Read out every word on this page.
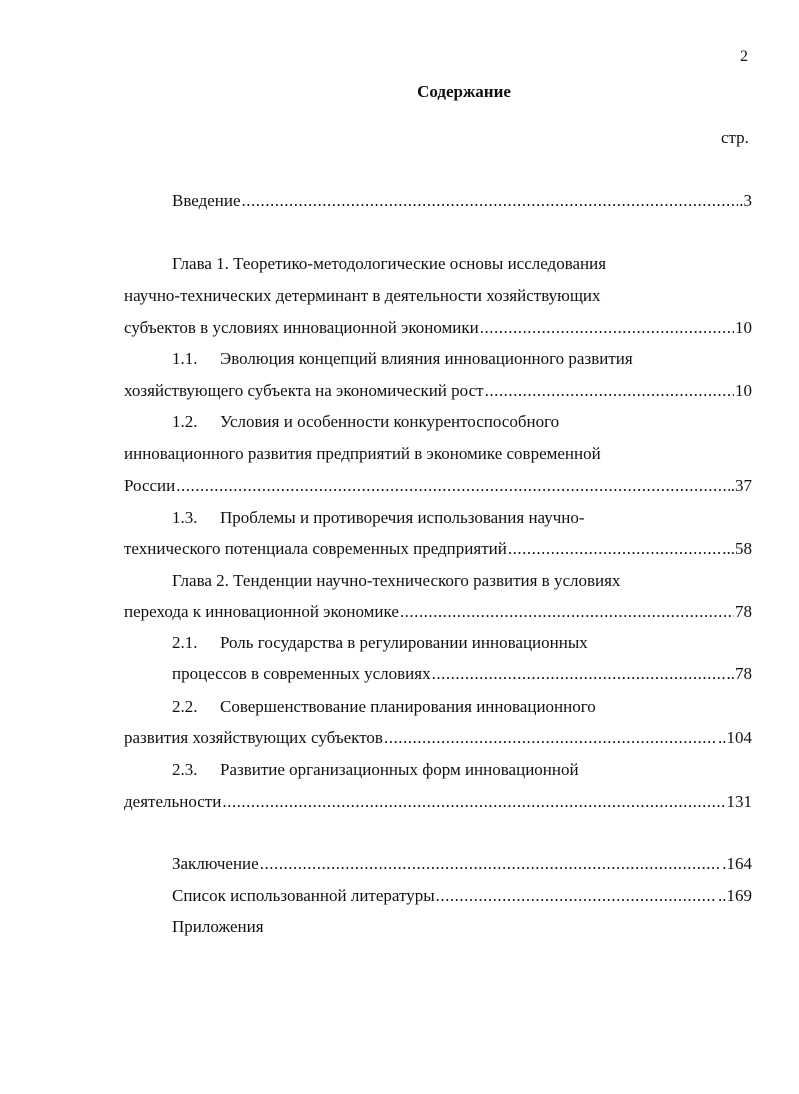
2
Содержание
стр.
Введение .....	.3
Глава 1. Теоретико-методологические основы исследования
научно-технических детерминант в деятельности хозяйствующих
субъектов в условиях инновационной экономики .....	10
1.1. Эволюция концепций влияния инновационного развития
хозяйствующего субъекта на экономический рост .....	10
1.2. Условия и особенности конкурентоспособного
инновационного развития предприятий в экономике современной
России .....	.37
1.3. Проблемы и противоречия использования научно-
технического потенциала современных предприятий .....	...58
Глава 2. Тенденции научно-технического развития в условиях
перехода к инновационной экономике .....	78
2.1. Роль государства в регулировании инновационных
процессов в современных условиях .....	..78
2.2. Совершенствование планирования инновационного
развития хозяйствующих субъектов .....	..104
2.3. Развитие организационных форм инновационной
деятельности .....	131
Заключение .....	.164
Список использованной литературы .....	..169
Приложения
